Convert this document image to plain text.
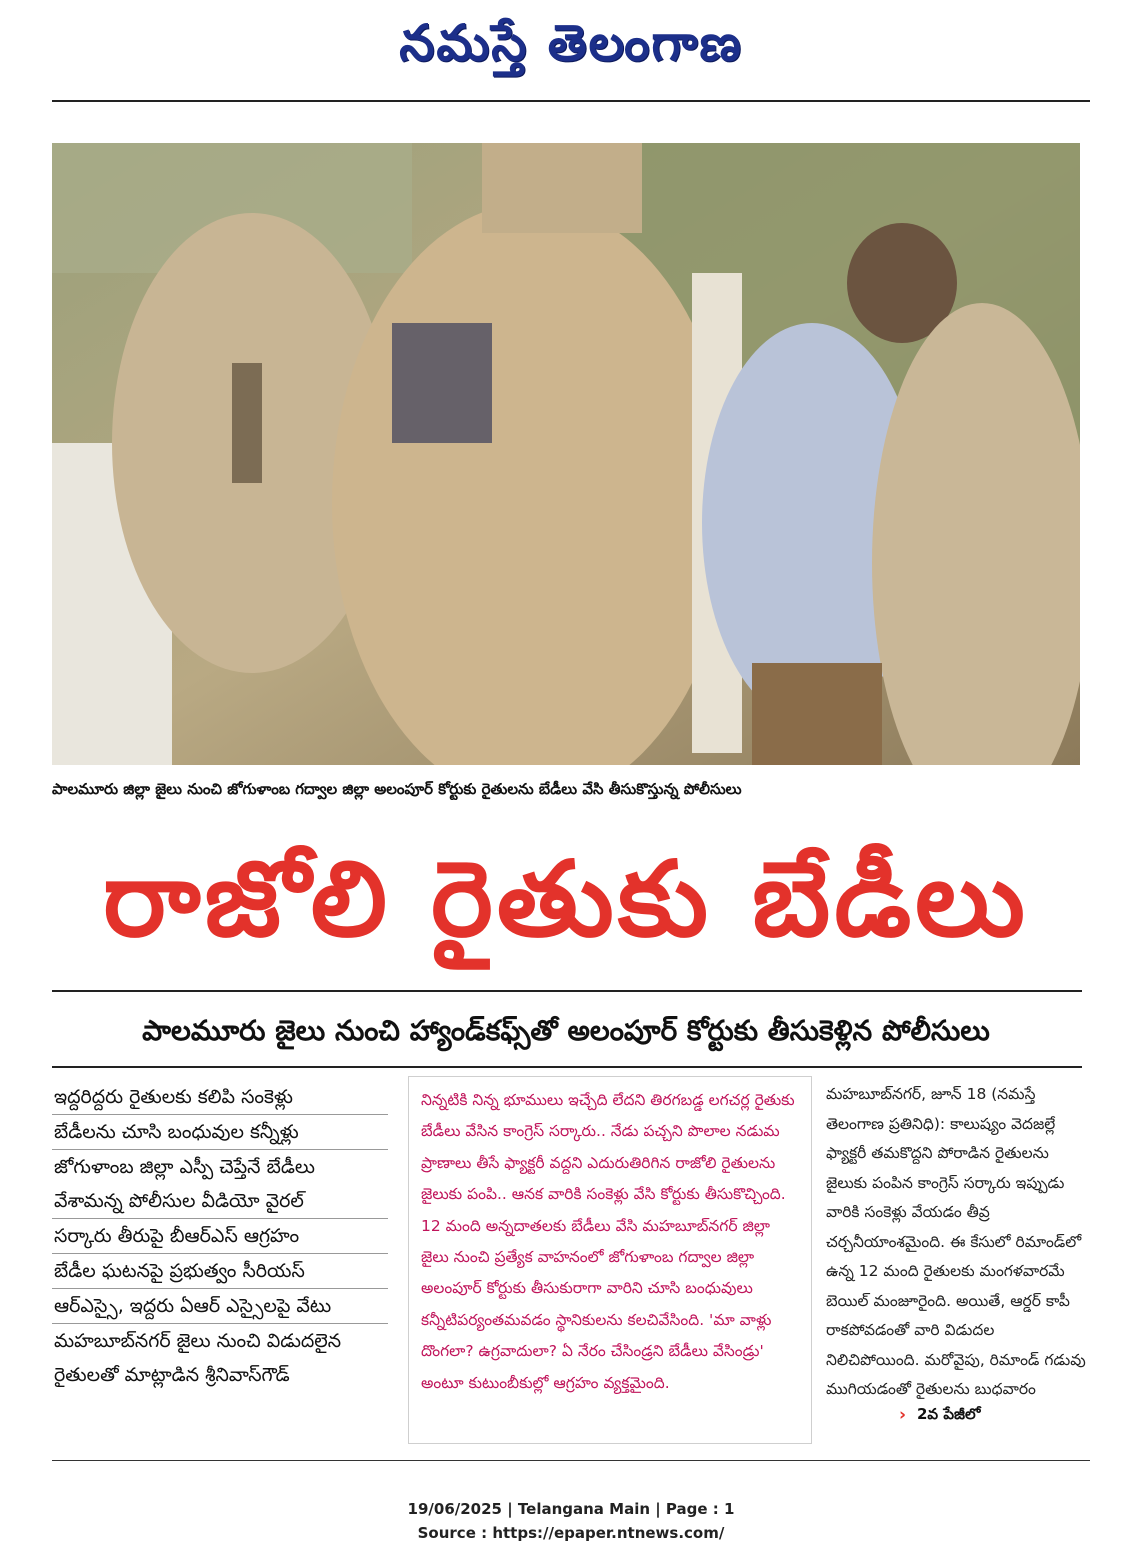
నమస్తే తెలంగాణ
పాలమూరు జిల్లా జైలు నుంచి జోగుళాంబ గద్వాల జిల్లా అలంపూర్ కోర్టుకు రైతులను బేడీలు వేసి తీసుకొస్తున్న పోలీసులు
రాజోలి రైతుకు బేడీలు
పాలమూరు జైలు నుంచి హ్యాండ్‌కఫ్స్‌తో అలంపూర్ కోర్టుకు తీసుకెళ్లిన పోలీసులు
ఇద్దరిద్దరు రైతులకు కలిపి సంకెళ్లు
బేడీలను చూసి బంధువుల కన్నీళ్లు
జోగుళాంబ జిల్లా ఎస్పీ చెప్తేనే బేడీలు వేశామన్న పోలీసుల వీడియో వైరల్
సర్కారు తీరుపై బీఆర్ఎస్ ఆగ్రహం
బేడీల ఘటనపై ప్రభుత్వం సీరియస్
ఆర్ఎస్సై, ఇద్దరు ఏఆర్ ఎస్సైలపై వేటు
మహబూబ్‌నగర్ జైలు నుంచి విడుదలైన రైతులతో మాట్లాడిన శ్రీనివాస్‌గౌడ్
నిన్నటికి నిన్న భూములు ఇచ్చేది లేదని తిరగబడ్డ లగచర్ల రైతుకు బేడీలు వేసిన కాంగ్రెస్ సర్కారు.. నేడు పచ్చని పొలాల నడుమ ప్రాణాలు తీసే ఫ్యాక్టరీ వద్దని ఎదురుతిరిగిన రాజోలి రైతులను జైలుకు పంపి.. ఆనక వారికి సంకెళ్లు వేసి కోర్టుకు తీసుకొచ్చింది. 12 మంది అన్నదాతలకు బేడీలు వేసి మహబూబ్‌నగర్ జిల్లా జైలు నుంచి ప్రత్యేక వాహనంలో జోగుళాంబ గద్వాల జిల్లా అలంపూర్ కోర్టుకు తీసుకురాగా వారిని చూసి బంధువులు కన్నీటిపర్యంతమవడం స్థానికులను కలచివేసింది. 'మా వాళ్లు దొంగలా? ఉగ్రవాదులా? ఏ నేరం చేసిండ్రని బేడీలు వేసిండ్రు' అంటూ కుటుంబీకుల్లో ఆగ్రహం వ్యక్తమైంది.
మహబూబ్‌నగర్, జూన్ 18 (నమస్తే తెలంగాణ ప్రతినిధి): కాలుష్యం వెదజల్లే ఫ్యాక్టరీ తమకొద్దని పోరాడిన రైతులను జైలుకు పంపిన కాంగ్రెస్ సర్కారు ఇప్పుడు వారికి సంకెళ్లు వేయడం తీవ్ర చర్చనీయాంశమైంది. ఈ కేసులో రిమాండ్‌లో ఉన్న 12 మంది రైతులకు మంగళవారమే బెయిల్ మంజూరైంది. అయితే, ఆర్డర్ కాపీ రాకపోవడంతో వారి విడుదల నిలిచిపోయింది. మరోవైపు, రిమాండ్ గడువు ముగియడంతో రైతులను బుధవారం
› 2వ పేజీలో
19/06/2025 | Telangana Main | Page : 1
Source : https://epaper.ntnews.com/
